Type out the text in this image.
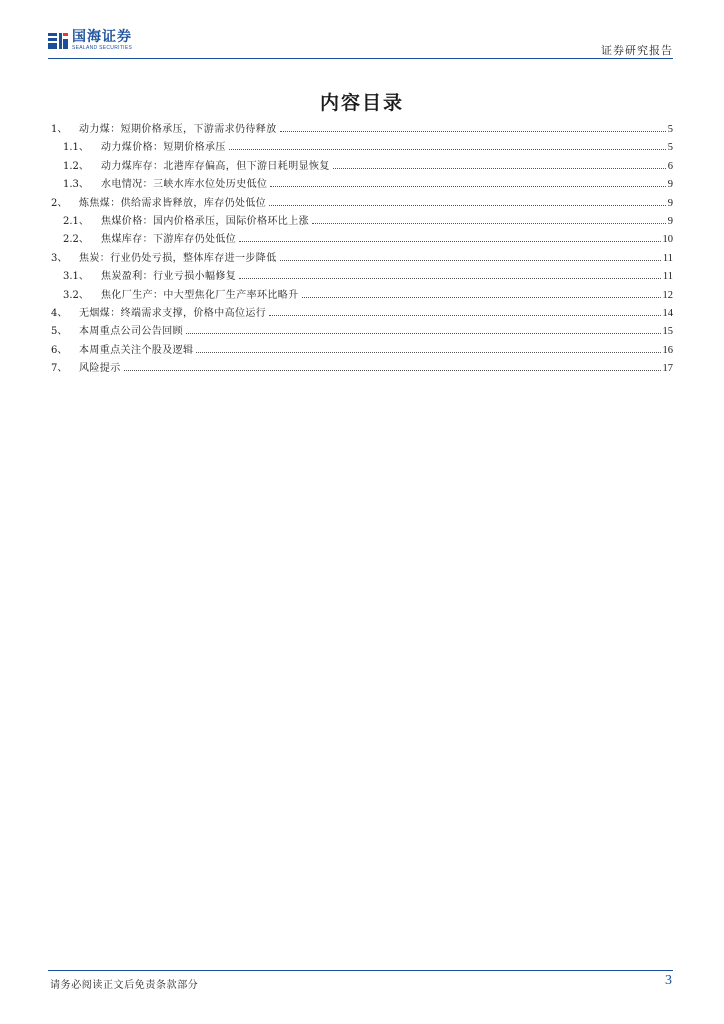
国海证券
SEALAND SECURITIES	证券研究报告
内容目录
1、	动力煤：短期价格承压，下游需求仍待释放	5
1.1、	动力煤价格：短期价格承压	5
1.2、	动力煤库存：北港库存偏高，但下游日耗明显恢复	6
1.3、	水电情况：三峡水库水位处历史低位	9
2、	炼焦煤：供给需求皆释放，库存仍处低位	9
2.1、	焦煤价格：国内价格承压，国际价格环比上涨	9
2.2、	焦煤库存：下游库存仍处低位	10
3、	焦炭：行业仍处亏损，整体库存进一步降低	11
3.1、	焦炭盈利：行业亏损小幅修复	11
3.2、	焦化厂生产：中大型焦化厂生产率环比略升	12
4、	无烟煤：终端需求支撑，价格中高位运行	14
5、	本周重点公司公告回顾	15
6、	本周重点关注个股及逻辑	16
7、	风险提示	17
请务必阅读正文后免责条款部分	3
